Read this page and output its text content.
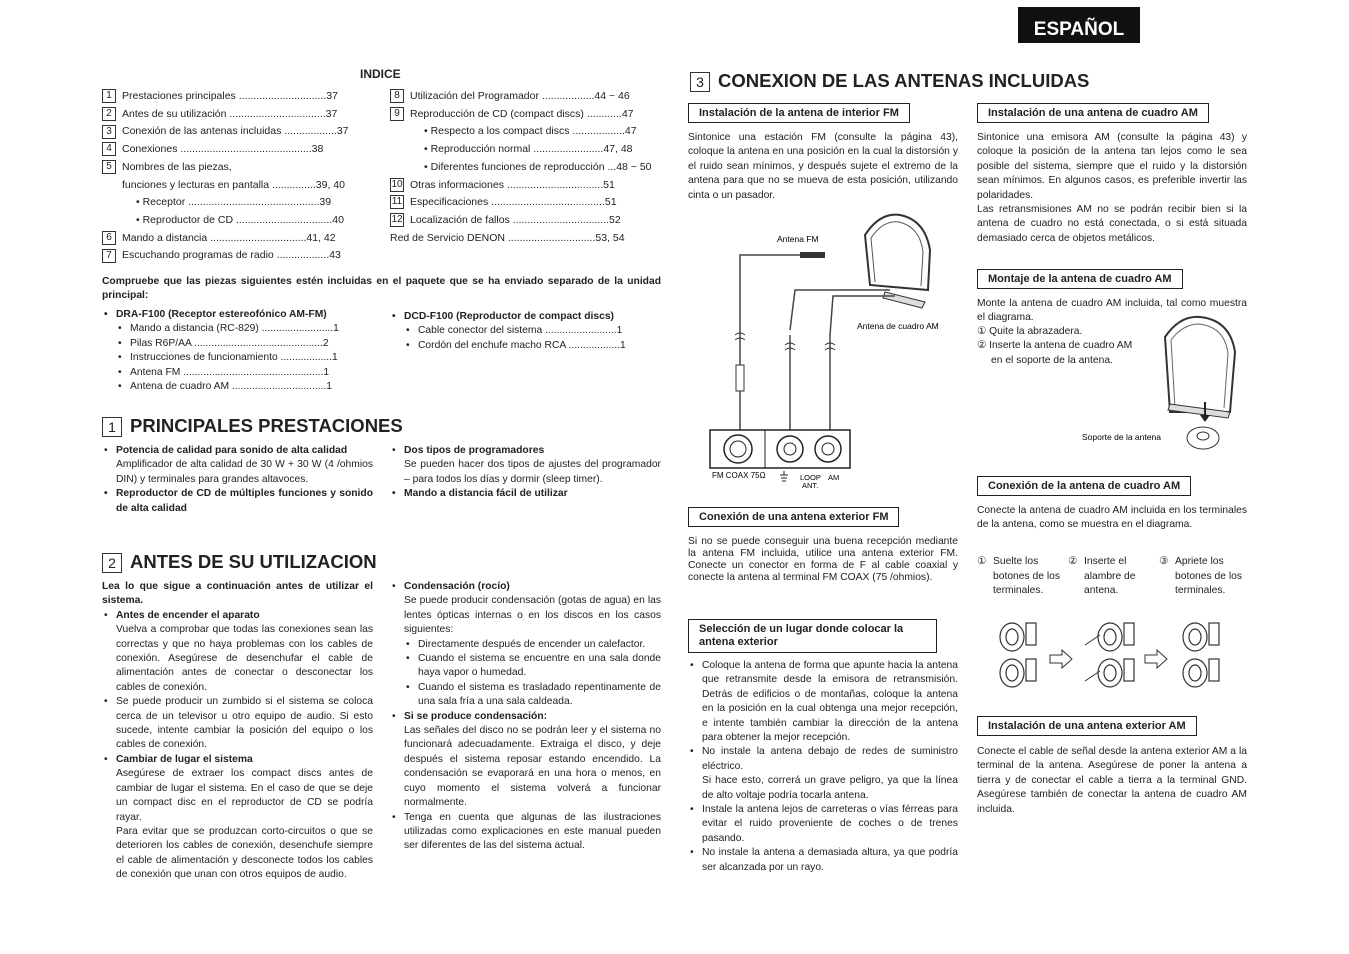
ESPAÑOL
INDICE
1 Prestaciones principales ..............................37
2 Antes de su utilización .................................37
3 Conexión de las antenas incluidas ..................37
4 Conexiones .............................................38
5 Nombres de las piezas,
funciones y lecturas en pantalla ...............39, 40
• Receptor .............................................39
• Reproductor de CD .................................40
6 Mando a distancia .................................41, 42
7 Escuchando programas de radio ..................43
8 Utilización del Programador ..................44 ~ 46
9 Reproducción de CD (compact discs) ............47
• Respecto a los compact discs ..................47
• Reproducción normal ........................47, 48
• Diferentes funciones de reproducción ...48 ~ 50
10 Otras informaciones .................................51
11 Especificaciones .......................................51
12 Localización de fallos .................................52
Red de Servicio DENON ..............................53, 54
Compruebe que las piezas siguientes estén incluidas en el paquete que se ha enviado separado de la unidad principal:
• DRA-F100 (Receptor estereofónico AM-FM)
• Mando a distancia (RC-829) .........................1
• Pilas R6P/AA .............................................2
• Instrucciones de funcionamiento ..................1
• Antena FM .................................................1
• Antena de cuadro AM .................................1
• DCD-F100 (Reproductor de compact discs)
• Cable conector del sistema .........................1
• Cordón del enchufe macho RCA ..................1
1 PRINCIPALES PRESTACIONES
• Potencia de calidad para sonido de alta calidad
Amplificador de alta calidad de 30 W + 30 W (4 /ohmios DIN) y terminales para grandes altavoces.
• Reproductor de CD de múltiples funciones y sonido de alta calidad
• Dos tipos de programadores
Se pueden hacer dos tipos de ajustes del programador – para todos los días y dormir (sleep timer).
• Mando a distancia fácil de utilizar
2 ANTES DE SU UTILIZACION

Lea lo que sigue a continuación antes de utilizar el sistema.

• Antes de encender el aparato
Vuelva a comprobar que todas las conexiones sean las correctas y que no haya problemas con los cables de conexión. Asegúrese de desenchufar el cable de alimentación antes de conectar o desconectar los cables de conexión.
• Se puede producir un zumbido si el sistema se coloca cerca de un televisor u otro equipo de audio. Si esto sucede, intente cambiar la posición del equipo o los cables de conexión.
• Cambiar de lugar el sistema
Asegúrese de extraer los compact discs antes de cambiar de lugar el sistema. En el caso de que se deje un compact disc en el reproductor de CD se podría rayar.
Para evitar que se produzcan corto-circuitos o que se deterioren los cables de conexión, desenchufe siempre el cable de alimentación y desconecte todos los cables de conexión que unan con otros equipos de audio.
• Condensación (rocío)
Se puede producir condensación (gotas de agua) en las lentes ópticas internas o en los discos en los casos siguientes:
• Directamente después de encender un calefactor.
• Cuando el sistema se encuentre en una sala donde haya vapor o humedad.
• Cuando el sistema es trasladado repentinamente de una sala fría a una sala caldeada.
• Si se produce condensación:
Las señales del disco no se podrán leer y el sistema no funcionará adecuadamente. Extraiga el disco, y deje después el sistema reposar estando encendido. La condensación se evaporará en una hora o menos, en cuyo momento el sistema volverá a funcionar normalmente.
• Tenga en cuenta que algunas de las ilustraciones utilizadas como explicaciones en este manual pueden ser diferentes de las del sistema actual.
3 CONEXION DE LAS ANTENAS INCLUIDAS
Instalación de la antena de interior FM
Sintonice una estación FM (consulte la página 43), coloque la antena en una posición en la cual la distorsión y el ruido sean mínimos, y después sujete el extremo de la antena para que no se mueva de esta posición, utilizando cinta o un pasador.
Antena FM
Antena de cuadro AM
FM COAX 75Ω	LOOP
ANT.
AM
Conexión de una antena exterior FM
Si no se puede conseguir una buena recepción mediante la antena FM incluida, utilice una antena exterior FM. Conecte un conector en forma de F al cable coaxial y conecte la antena al terminal FM COAX (75 /ohmios).
Selección de un lugar donde colocar la antena exterior
• Coloque la antena de forma que apunte hacia la antena que retransmite desde la emisora de retransmisión. Detrás de edificios o de montañas, coloque la antena en la posición en la cual obtenga una mejor recepción, e intente también cambiar la dirección de la antena para obtener la mejor recepción.
• No instale la antena debajo de redes de suministro eléctrico.
Si hace esto, correrá un grave peligro, ya que la línea de alto voltaje podría tocarla antena.
• Instale la antena lejos de carreteras o vías férreas para evitar el ruido proveniente de coches o de trenes pasando.
• No instale la antena a demasiada altura, ya que podría ser alcanzada por un rayo.
Instalación de una antena de cuadro AM

Sintonice una emisora AM (consulte la página 43) y coloque la posición de la antena tan lejos como le sea posible del sistema, siempre que el ruido y la distorsión sean mínimos. En algunos casos, es preferible invertir las polaridades.

Las retransmisiones AM no se podrán recibir bien si la antena de cuadro no está conectada, o si está situada demasiado cerca de objetos metálicos.

Montaje de la antena de cuadro AM
Monte la antena de cuadro AM incluida, tal como muestra el diagrama.

① Quite la abrazadera.

② Inserte la antena de cuadro AM

en el soporte de la antena.

Soporte de la antena
Conexión de la antena de cuadro AM
Conecte la antena de cuadro AM incluida en los terminales de la antena, como se muestra en el diagrama.
① Suelte los botones de los terminales.
② Inserte el alambre de antena.
③ Apriete los botones de los terminales.
Instalación de una antena exterior AM
Conecte el cable de señal desde la antena exterior AM a la terminal de la antena. Asegúrese de poner la antena a tierra y de conectar el cable a tierra a la terminal GND. Asegúrese también de conectar la antena de cuadro AM incluida.
